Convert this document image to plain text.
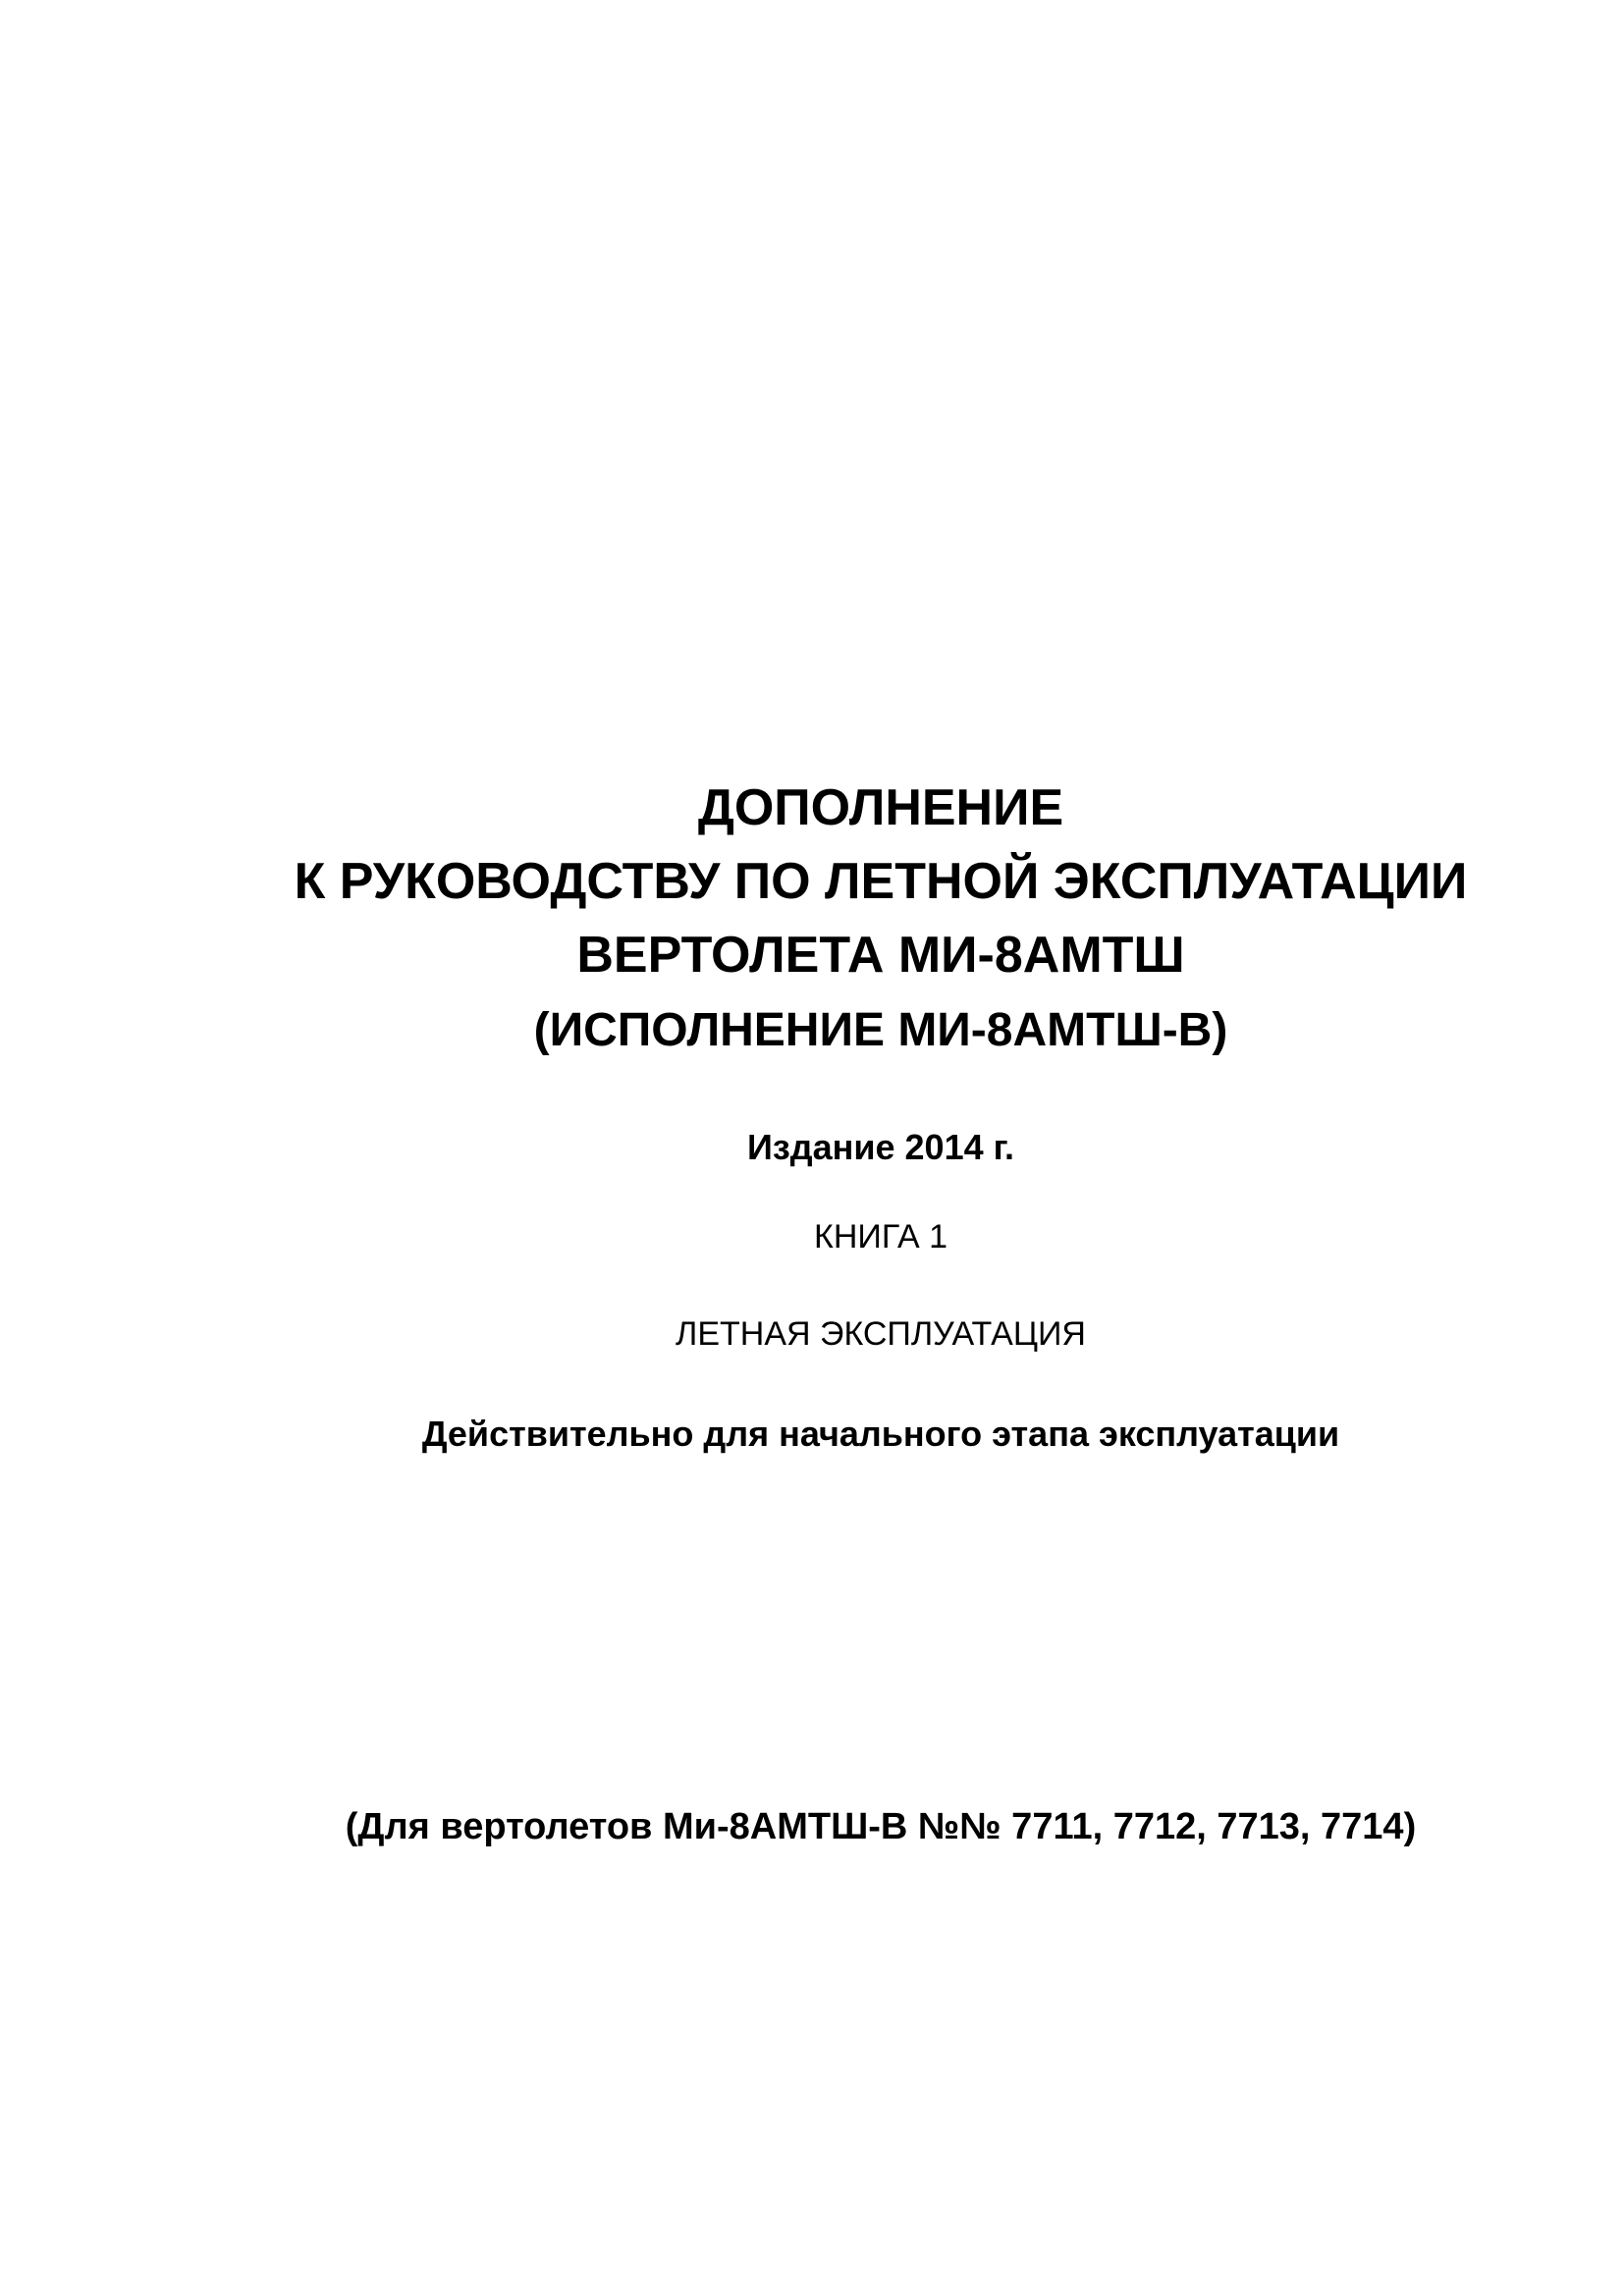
ДОПОЛНЕНИЕ
К РУКОВОДСТВУ ПО ЛЕТНОЙ ЭКСПЛУАТАЦИИ
ВЕРТОЛЕТА МИ-8АМТШ
(ИСПОЛНЕНИЕ МИ-8АМТШ-В)
Издание 2014 г.
КНИГА 1
ЛЕТНАЯ ЭКСПЛУАТАЦИЯ
Действительно для начального этапа эксплуатации
(Для вертолетов Ми-8АМТШ-В №№ 7711, 7712, 7713, 7714)
